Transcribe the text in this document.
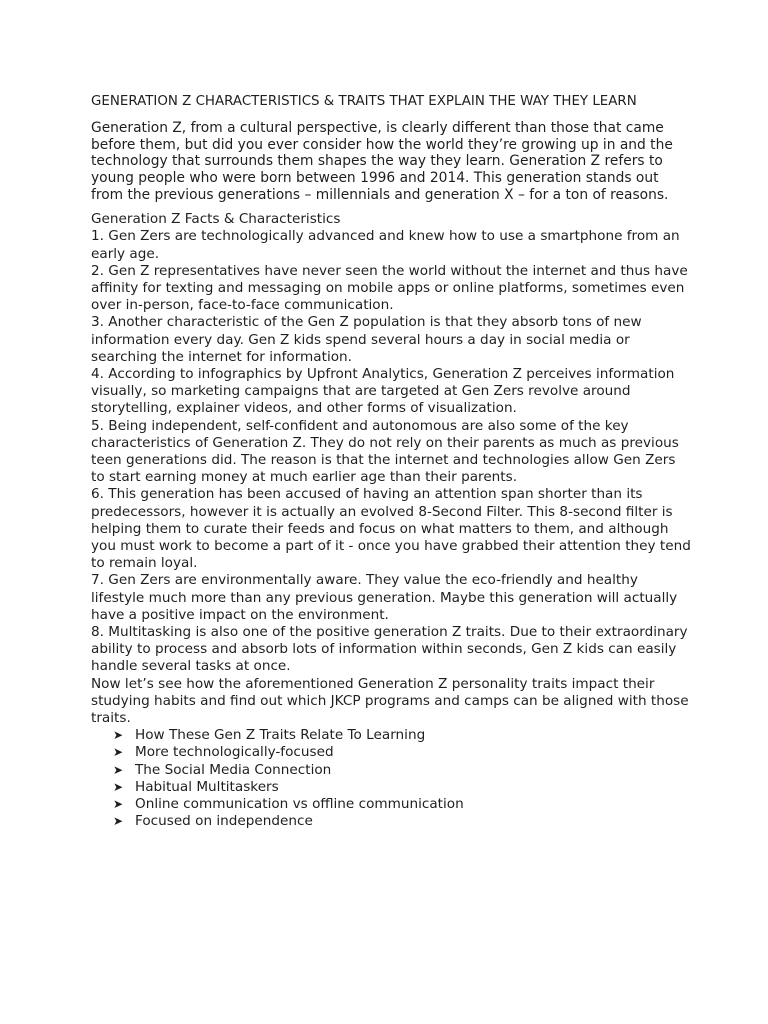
GENERATION Z CHARACTERISTICS & TRAITS THAT EXPLAIN THE WAY THEY LEARN

Generation Z, from a cultural perspective, is clearly different than those that came before them, but did you ever consider how the world they’re growing up in and the technology that surrounds them shapes the way they learn. Generation Z refers to young people who were born between 1996 and 2014. This generation stands out from the previous generations – millennials and generation X – for a ton of reasons.

Generation Z Facts & Characteristics

1. Gen Zers are technologically advanced and knew how to use a smartphone from an early age.

2. Gen Z representatives have never seen the world without the internet and thus have affinity for texting and messaging on mobile apps or online platforms, sometimes even over in-person, face-to-face communication.

3. Another characteristic of the Gen Z population is that they absorb tons of new information every day. Gen Z kids spend several hours a day in social media or searching the internet for information.

4. According to infographics by Upfront Analytics, Generation Z perceives information visually, so marketing campaigns that are targeted at Gen Zers revolve around storytelling, explainer videos, and other forms of visualization.

5. Being independent, self-confident and autonomous are also some of the key characteristics of Generation Z. They do not rely on their parents as much as previous teen generations did. The reason is that the internet and technologies allow Gen Zers to start earning money at much earlier age than their parents.

6. This generation has been accused of having an attention span shorter than its predecessors, however it is actually an evolved 8-Second Filter. This 8-second filter is helping them to curate their feeds and focus on what matters to them, and although you must work to become a part of it - once you have grabbed their attention they tend to remain loyal.

7. Gen Zers are environmentally aware. They value the eco-friendly and healthy lifestyle much more than any previous generation. Maybe this generation will actually have a positive impact on the environment.

8. Multitasking is also one of the positive generation Z traits. Due to their extraordinary ability to process and absorb lots of information within seconds, Gen Z kids can easily handle several tasks at once.

Now let’s see how the aforementioned Generation Z personality traits impact their studying habits and find out which JKCP programs and camps can be aligned with those traits.

➤ How These Gen Z Traits Relate To Learning
➤ More technologically-focused
➤ The Social Media Connection
➤ Habitual Multitaskers
➤ Online communication vs offline communication
➤ Focused on independence
